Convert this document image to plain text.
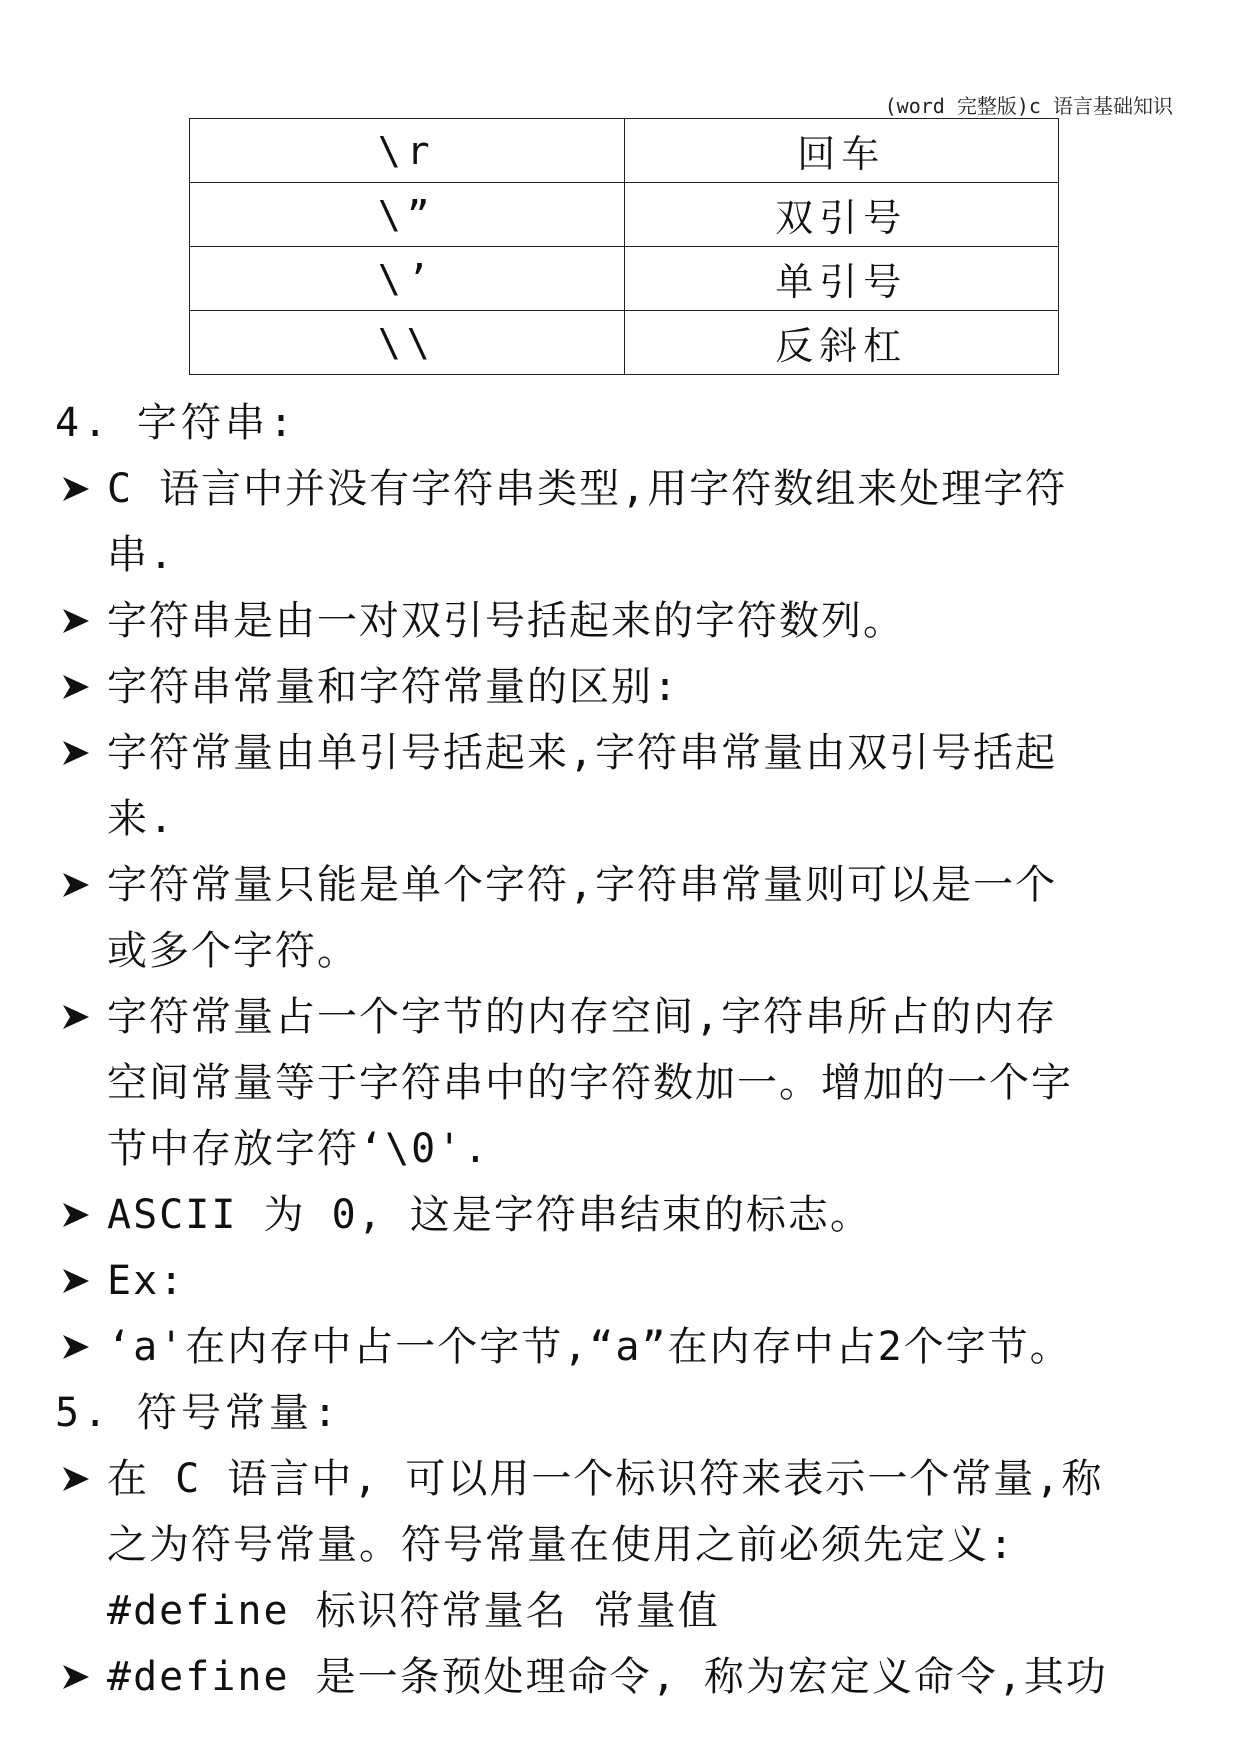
(word 完整版)c 语言基础知识
\r	回车
\”	双引号
\’	单引号
\\	反斜杠
4. 字符串:
C 语言中并没有字符串类型,用字符数组来处理字符
串.
字符串是由一对双引号括起来的字符数列。
字符串常量和字符常量的区别:
字符常量由单引号括起来,字符串常量由双引号括起
来.
字符常量只能是单个字符,字符串常量则可以是一个
或多个字符。
字符常量占一个字节的内存空间,字符串所占的内存
空间常量等于字符串中的字符数加一。增加的一个字
节中存放字符‘\0'.
ASCII 为 0, 这是字符串结束的标志。
Ex:
‘a'在内存中占一个字节,“a”在内存中占2个字节。
5. 符号常量:
在 C 语言中, 可以用一个标识符来表示一个常量,称
之为符号常量。符号常量在使用之前必须先定义:
#define 标识符常量名 常量值
#define 是一条预处理命令, 称为宏定义命令,其功
